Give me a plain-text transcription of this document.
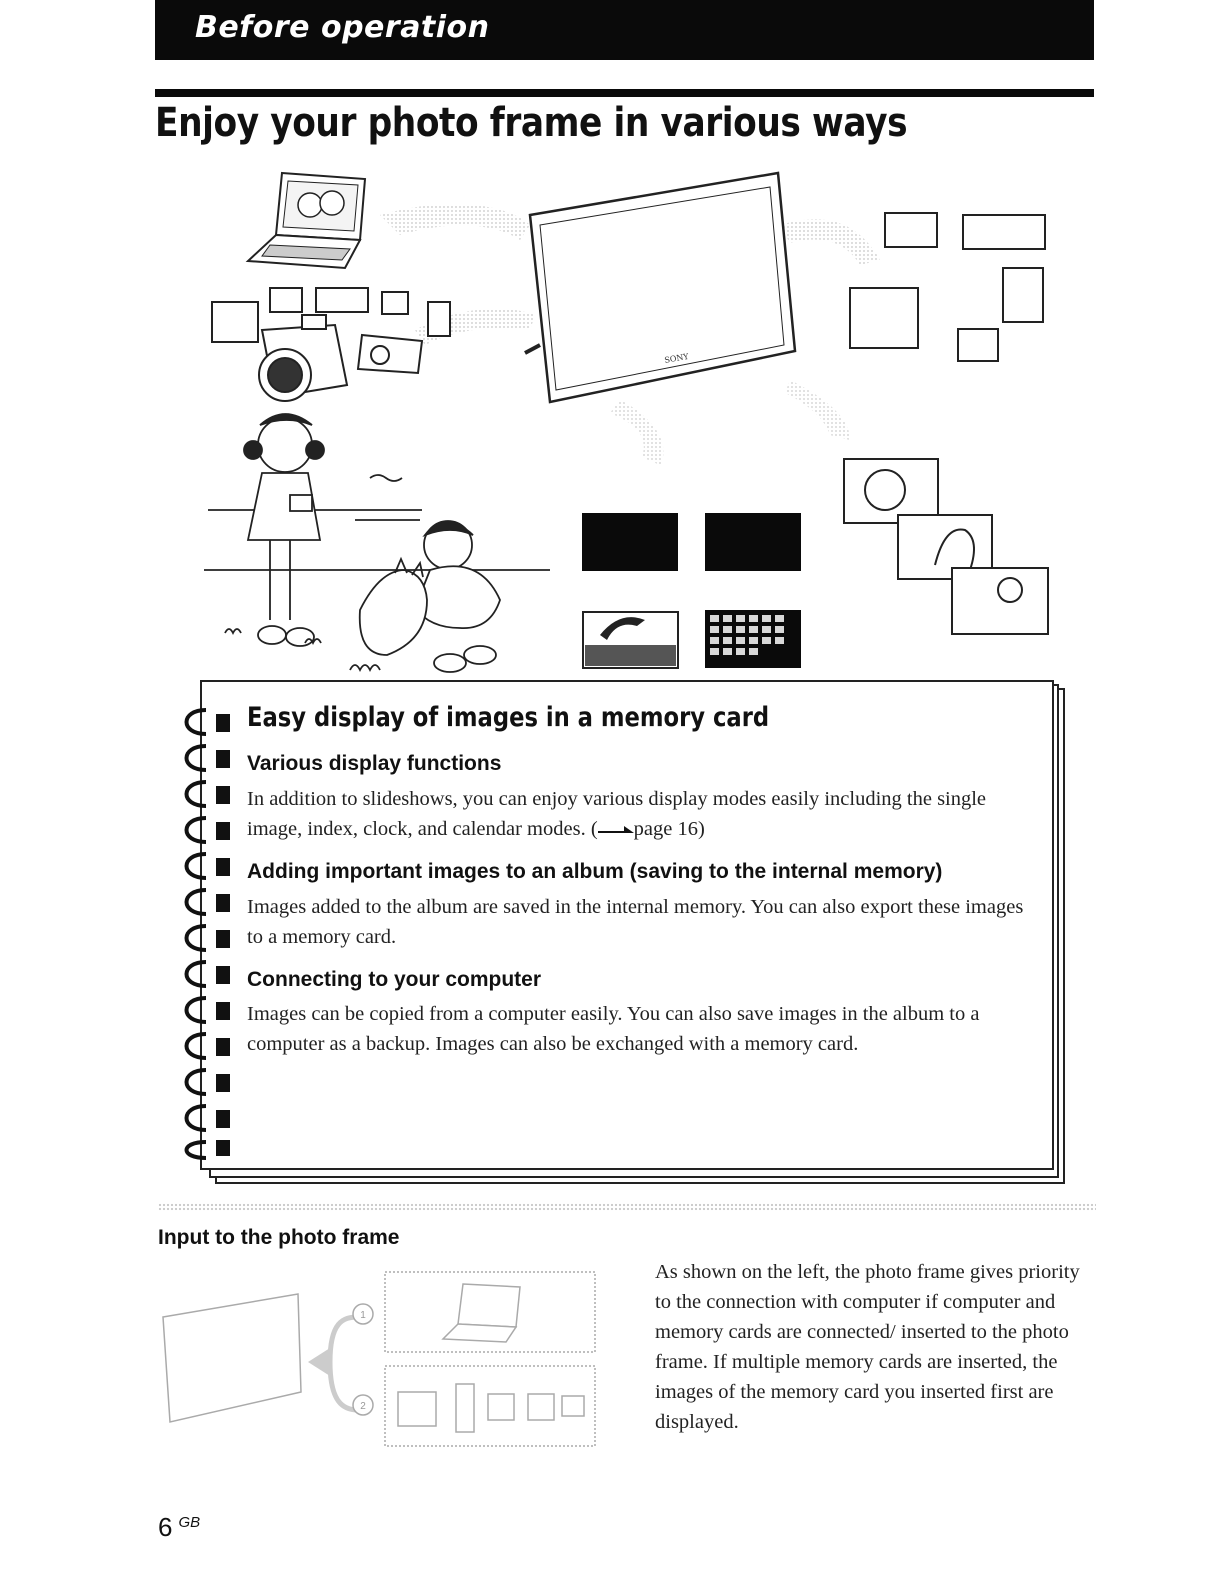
Before operation
Enjoy your photo frame in various ways
SONY
Easy display of images in a memory card
Various display functions

In addition to slideshows, you can enjoy various display modes easily including the single image, index, clock, and calendar modes. ( page 16)

Adding important images to an album (saving to the internal memory)

Images added to the album are saved in the internal memory. You can also export these images to a memory card.

Connecting to your computer

Images can be copied from a computer easily. You can also save images in the album to a computer as a backup. Images can also be exchanged with a memory card.

Input to the photo frame
1
2

As shown on the left, the photo frame gives priority to the connection with computer if computer and memory cards are connected/ inserted to the photo frame. If multiple memory cards are inserted, the images of the memory card you inserted first are displayed.

6 $^{GB}$
